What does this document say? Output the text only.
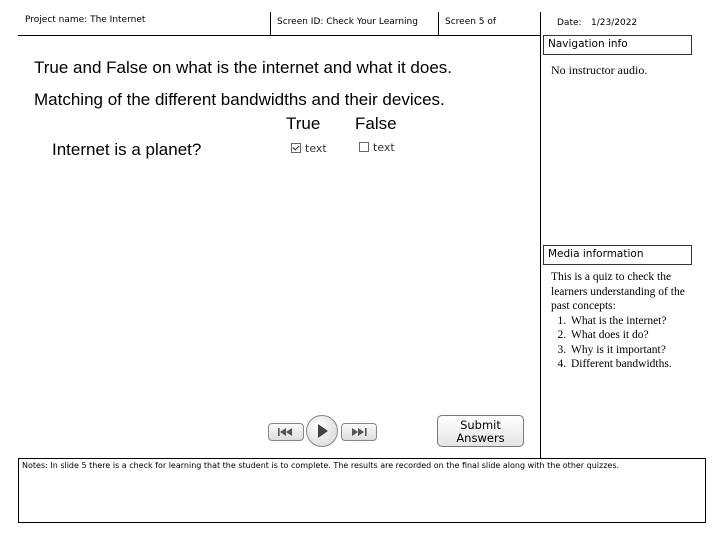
Project name: The Internet	Screen ID: Check Your Learning	Screen 5 of	Date: 1/23/2022
Navigation info
No instructor audio.
Media information
This is a quiz to check the learners understanding of the past concepts:
1. What is the internet?
2. What does it do?
3. Why is it important?
4. Different bandwidths.
True and False on what is the internet and what it does.
Matching of the different bandwidths and their devices.
True False
Internet is a planet?	text	text
Submit
Answers
Notes: In slide 5 there is a check for learning that the student is to complete. The results are recorded on the final slide along with the other quizzes.
